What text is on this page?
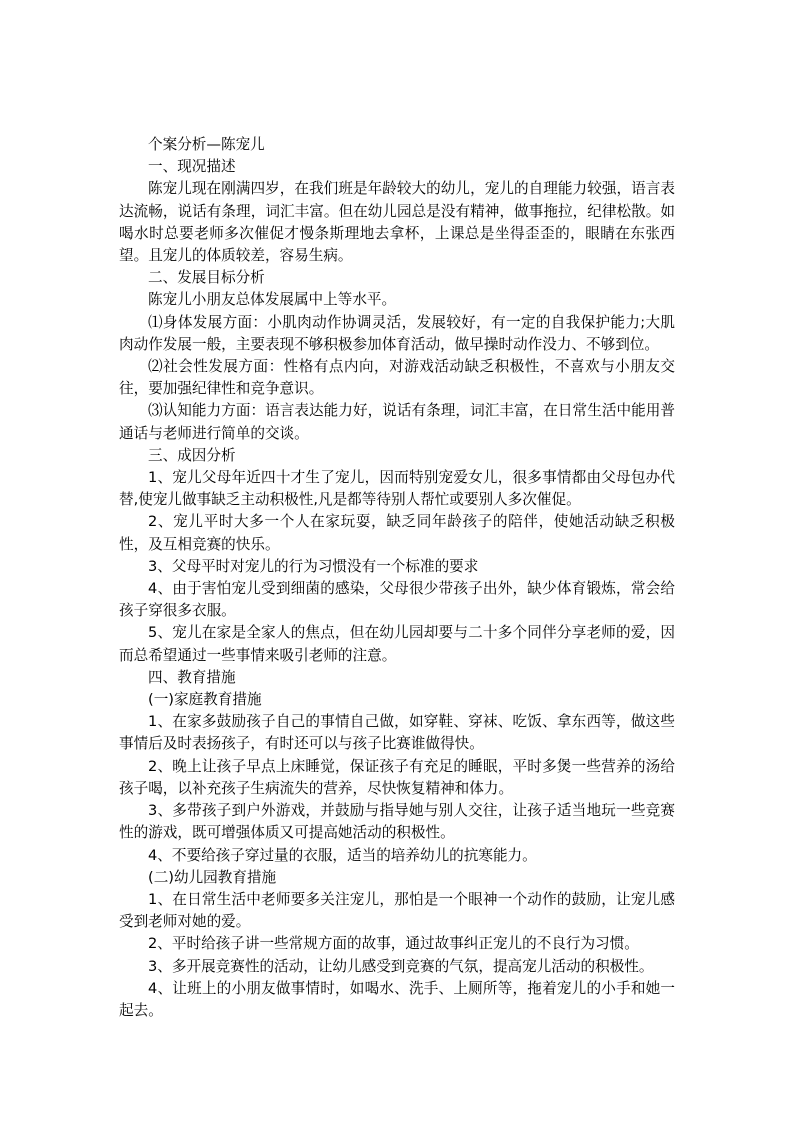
个案分析—陈宠儿

一、现况描述

陈宠儿现在刚满四岁，在我们班是年龄较大的幼儿，宠儿的自理能力较强，语言表达流畅，说话有条理，词汇丰富。但在幼儿园总是没有精神，做事拖拉，纪律松散。如喝水时总要老师多次催促才慢条斯理地去拿杯，上课总是坐得歪歪的，眼睛在东张西望。且宠儿的体质较差，容易生病。

二、发展目标分析

陈宠儿小朋友总体发展属中上等水平。

⑴身体发展方面：小肌肉动作协调灵活，发展较好，有一定的自我保护能力;大肌肉动作发展一般，主要表现不够积极参加体育活动，做早操时动作没力、不够到位。

⑵社会性发展方面：性格有点内向，对游戏活动缺乏积极性，不喜欢与小朋友交往，要加强纪律性和竞争意识。

⑶认知能力方面：语言表达能力好，说话有条理，词汇丰富，在日常生活中能用普通话与老师进行简单的交谈。

三、成因分析

1、宠儿父母年近四十才生了宠儿，因而特别宠爱女儿，很多事情都由父母包办代替,使宠儿做事缺乏主动积极性,凡是都等待别人帮忙或要别人多次催促。

2、宠儿平时大多一个人在家玩耍，缺乏同年龄孩子的陪伴，使她活动缺乏积极性，及互相竞赛的快乐。

3、父母平时对宠儿的行为习惯没有一个标准的要求

4、由于害怕宠儿受到细菌的感染，父母很少带孩子出外，缺少体育锻炼，常会给孩子穿很多衣服。

5、宠儿在家是全家人的焦点，但在幼儿园却要与二十多个同伴分享老师的爱，因而总希望通过一些事情来吸引老师的注意。

四、教育措施

(一)家庭教育措施

1、在家多鼓励孩子自己的事情自己做，如穿鞋、穿袜、吃饭、拿东西等，做这些事情后及时表扬孩子，有时还可以与孩子比赛谁做得快。

2、晚上让孩子早点上床睡觉，保证孩子有充足的睡眠，平时多煲一些营养的汤给孩子喝，以补充孩子生病流失的营养，尽快恢复精神和体力。

3、多带孩子到户外游戏，并鼓励与指导她与别人交往，让孩子适当地玩一些竞赛性的游戏，既可增强体质又可提高她活动的积极性。

4、不要给孩子穿过量的衣服，适当的培养幼儿的抗寒能力。

(二)幼儿园教育措施

1、在日常生活中老师要多关注宠儿，那怕是一个眼神一个动作的鼓励，让宠儿感受到老师对她的爱。

2、平时给孩子讲一些常规方面的故事，通过故事纠正宠儿的不良行为习惯。

3、多开展竞赛性的活动，让幼儿感受到竞赛的气氛，提高宠儿活动的积极性。

4、让班上的小朋友做事情时，如喝水、洗手、上厕所等，拖着宠儿的小手和她一起去。
